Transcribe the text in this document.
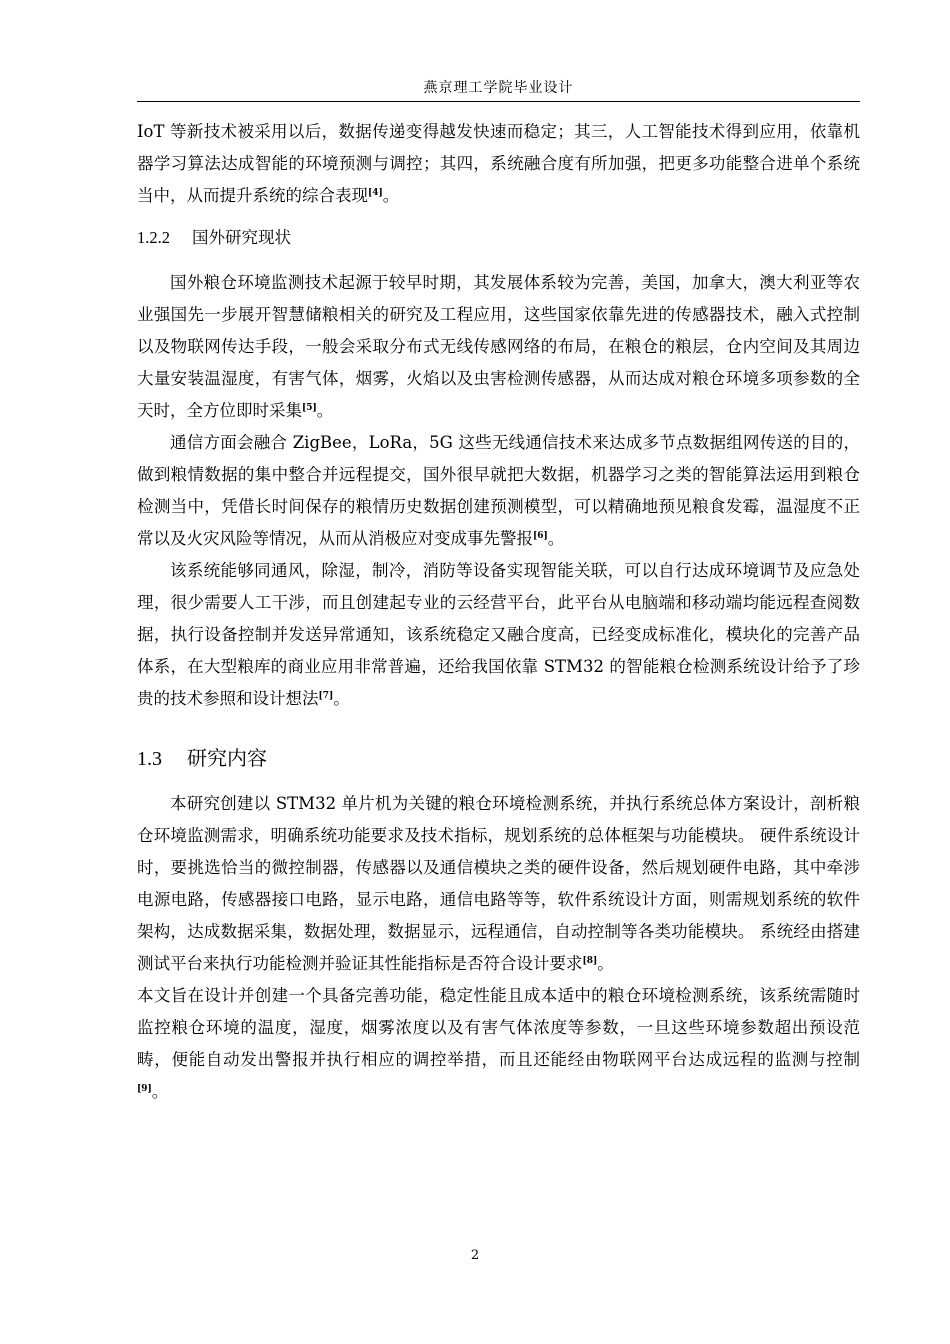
燕京理工学院毕业设计

IoT 等新技术被采用以后，数据传递变得越发快速而稳定；其三，人工智能技术得到应用，依靠机器学习算法达成智能的环境预测与调控；其四，系统融合度有所加强，把更多功能整合进单个系统当中，从而提升系统的综合表现[4]。

1.2.2 国外研究现状

国外粮仓环境监测技术起源于较早时期，其发展体系较为完善，美国，加拿大，澳大利亚等农业强国先一步展开智慧储粮相关的研究及工程应用，这些国家依靠先进的传感器技术，融入式控制以及物联网传达手段，一般会采取分布式无线传感网络的布局，在粮仓的粮层，仓内空间及其周边大量安装温湿度，有害气体，烟雾，火焰以及虫害检测传感器，从而达成对粮仓环境多项参数的全天时，全方位即时采集[5]。

通信方面会融合 ZigBee，LoRa，5G 这些无线通信技术来达成多节点数据组网传送的目的，做到粮情数据的集中整合并远程提交，国外很早就把大数据，机器学习之类的智能算法运用到粮仓检测当中，凭借长时间保存的粮情历史数据创建预测模型，可以精确地预见粮食发霉，温湿度不正常以及火灾风险等情况，从而从消极应对变成事先警报[6]。

该系统能够同通风，除湿，制冷，消防等设备实现智能关联，可以自行达成环境调节及应急处理，很少需要人工干涉，而且创建起专业的云经营平台，此平台从电脑端和移动端均能远程查阅数据，执行设备控制并发送异常通知，该系统稳定又融合度高，已经变成标准化，模块化的完善产品体系，在大型粮库的商业应用非常普遍，还给我国依靠 STM32 的智能粮仓检测系统设计给予了珍贵的技术参照和设计想法[7]。

1.3 研究内容

本研究创建以 STM32 单片机为关键的粮仓环境检测系统，并执行系统总体方案设计，剖析粮仓环境监测需求，明确系统功能要求及技术指标，规划系统的总体框架与功能模块。 硬件系统设计时，要挑选恰当的微控制器，传感器以及通信模块之类的硬件设备，然后规划硬件电路，其中牵涉电源电路，传感器接口电路，显示电路，通信电路等等，软件系统设计方面，则需规划系统的软件架构，达成数据采集，数据处理，数据显示，远程通信，自动控制等各类功能模块。 系统经由搭建测试平台来执行功能检测并验证其性能指标是否符合设计要求[8]。

本文旨在设计并创建一个具备完善功能，稳定性能且成本适中的粮仓环境检测系统，该系统需随时监控粮仓环境的温度，湿度，烟雾浓度以及有害气体浓度等参数，一旦这些环境参数超出预设范畴，便能自动发出警报并执行相应的调控举措，而且还能经由物联网平台达成远程的监测与控制[9]。

2
